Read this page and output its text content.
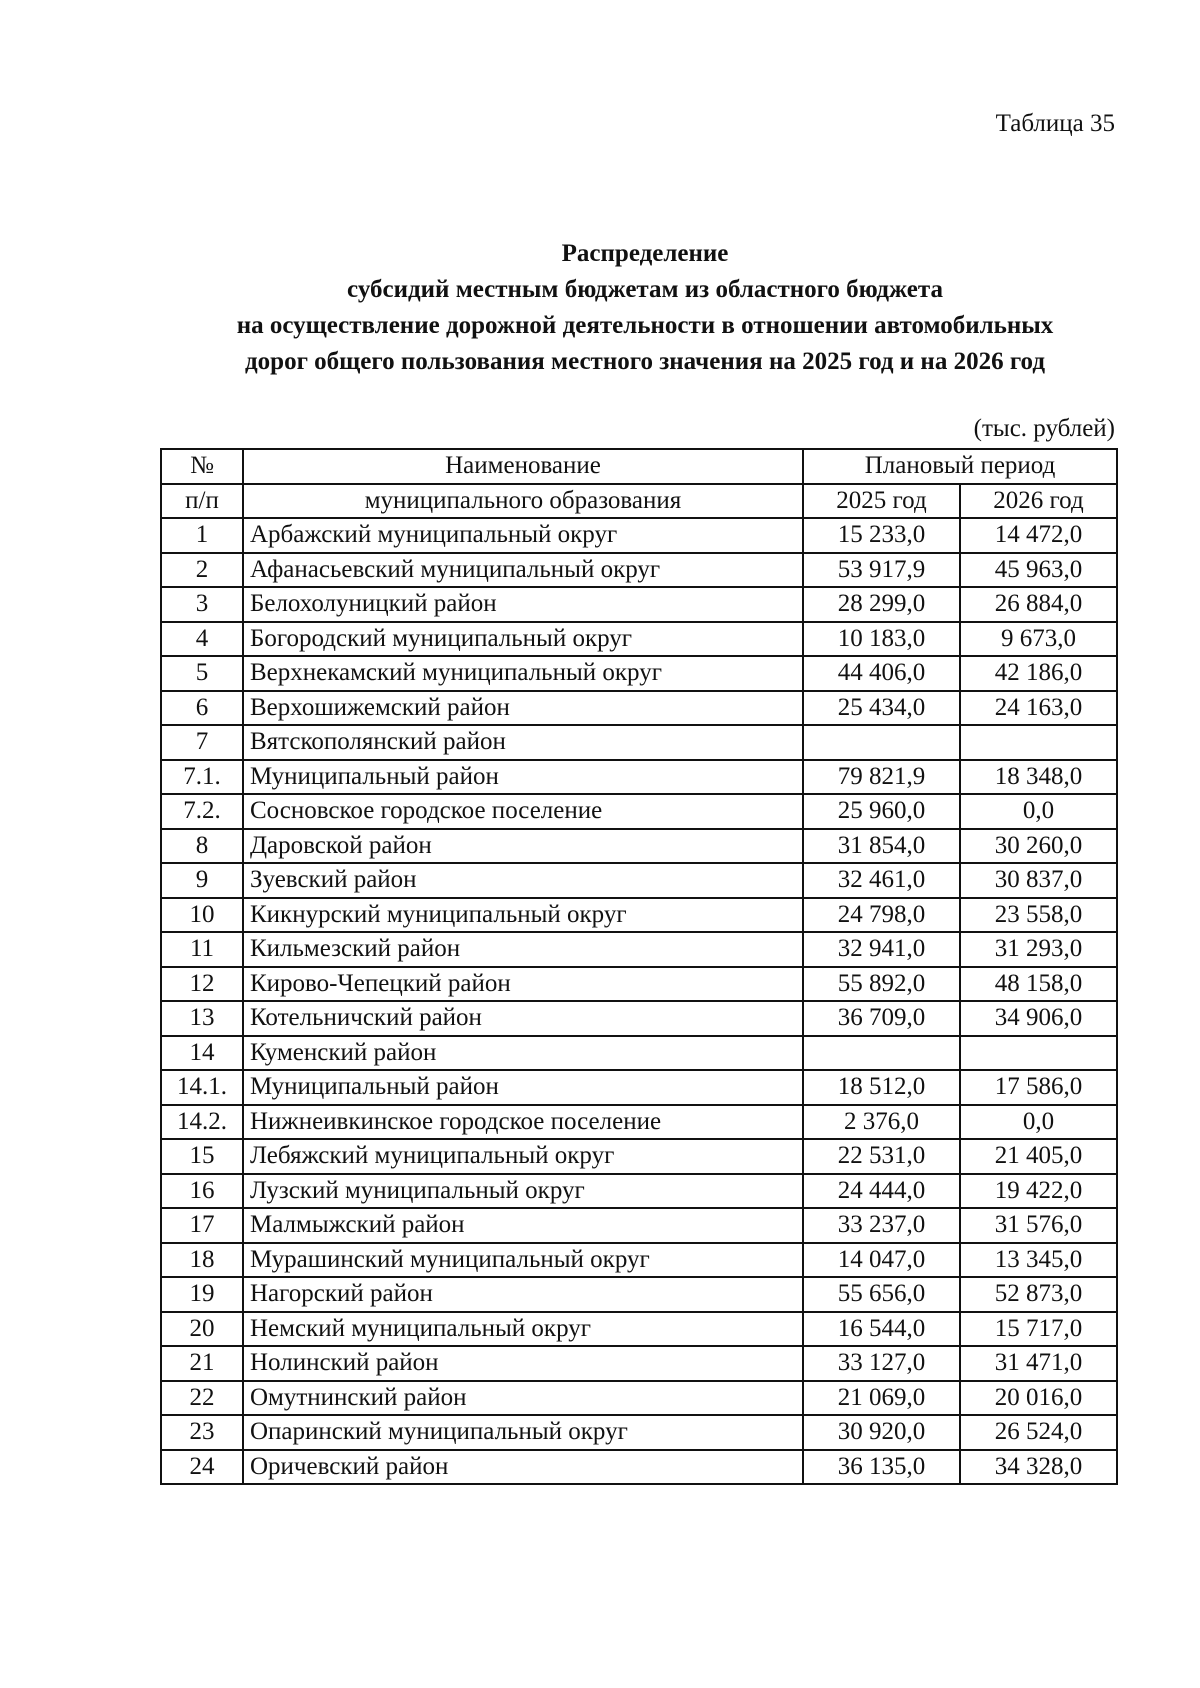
Таблица 35
Распределение
субсидий местным бюджетам из областного бюджета
на осуществление дорожной деятельности в отношении автомобильных
дорог общего пользования местного значения на 2025 год и на 2026 год
(тыс. рублей)
№	Наименование	Плановый период	
п/п	муниципального образования	2025 год	2026 год
1	Арбажский муниципальный округ	15 233,0	14 472,0
2	Афанасьевский муниципальный округ	53 917,9	45 963,0
3	Белохолуницкий район	28 299,0	26 884,0
4	Богородский муниципальный округ	10 183,0	9 673,0
5	Верхнекамский муниципальный округ	44 406,0	42 186,0
6	Верхошижемский район	25 434,0	24 163,0
7	Вятскополянский район		
7.1.	Муниципальный район	79 821,9	18 348,0
7.2.	Сосновское городское поселение	25 960,0	0,0
8	Даровской район	31 854,0	30 260,0
9	Зуевский район	32 461,0	30 837,0
10	Кикнурский муниципальный округ	24 798,0	23 558,0
11	Кильмезский район	32 941,0	31 293,0
12	Кирово-Чепецкий район	55 892,0	48 158,0
13	Котельничский район	36 709,0	34 906,0
14	Куменский район		
14.1.	Муниципальный район	18 512,0	17 586,0
14.2.	Нижнеивкинское городское поселение	2 376,0	0,0
15	Лебяжский муниципальный округ	22 531,0	21 405,0
16	Лузский муниципальный округ	24 444,0	19 422,0
17	Малмыжский район	33 237,0	31 576,0
18	Мурашинский муниципальный округ	14 047,0	13 345,0
19	Нагорский район	55 656,0	52 873,0
20	Немский муниципальный округ	16 544,0	15 717,0
21	Нолинский район	33 127,0	31 471,0
22	Омутнинский район	21 069,0	20 016,0
23	Опаринский муниципальный округ	30 920,0	26 524,0
24	Оричевский район	36 135,0	34 328,0
